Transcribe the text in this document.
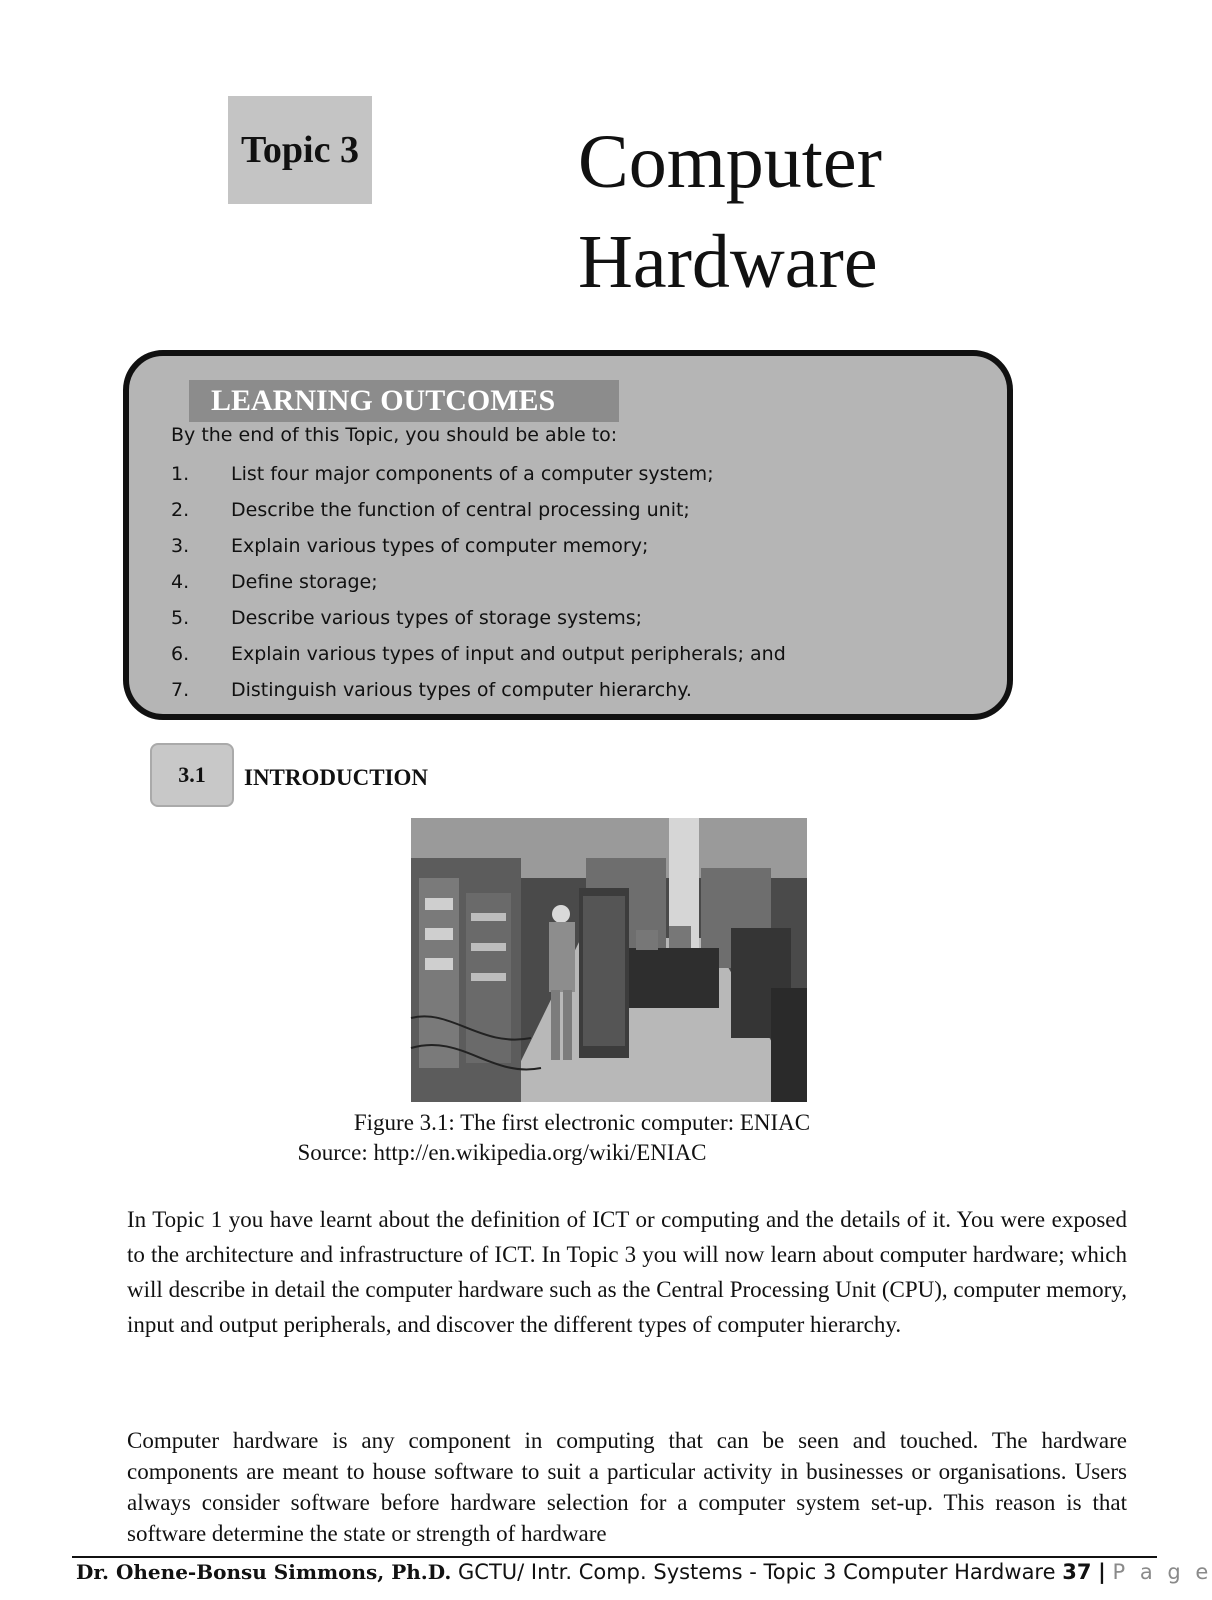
Topic 3	Computer
Hardware
LEARNING OUTCOMES
By the end of this Topic, you should be able to:
1.	List four major components of a computer system;
2.	Describe the function of central processing unit;
3.	Explain various types of computer memory;
4.	Define storage;
5.	Describe various types of storage systems;
6.	Explain various types of input and output peripherals; and
7.	Distinguish various types of computer hierarchy.
3.1 INTRODUCTION
Figure 3.1: The first electronic computer: ENIAC
Source: http://en.wikipedia.org/wiki/ENIAC

In Topic 1 you have learnt about the definition of ICT or computing and the details of it. You were exposed to the architecture and infrastructure of ICT. In Topic 3 you will now learn about computer hardware; which will describe in detail the computer hardware such as the Central Processing Unit (CPU), computer memory, input and output peripherals, and discover the different types of computer hierarchy.

Computer hardware is any component in computing that can be seen and touched. The hardware components are meant to house software to suit a particular activity in businesses or organisations. Users always consider software before hardware selection for a computer system set-up. This reason is that software determine the state or strength of hardware

Dr. Ohene-Bonsu Simmons, Ph.D. GCTU/ Intr. Comp. Systems - Topic 3 Computer Hardware 37 | P a g e
